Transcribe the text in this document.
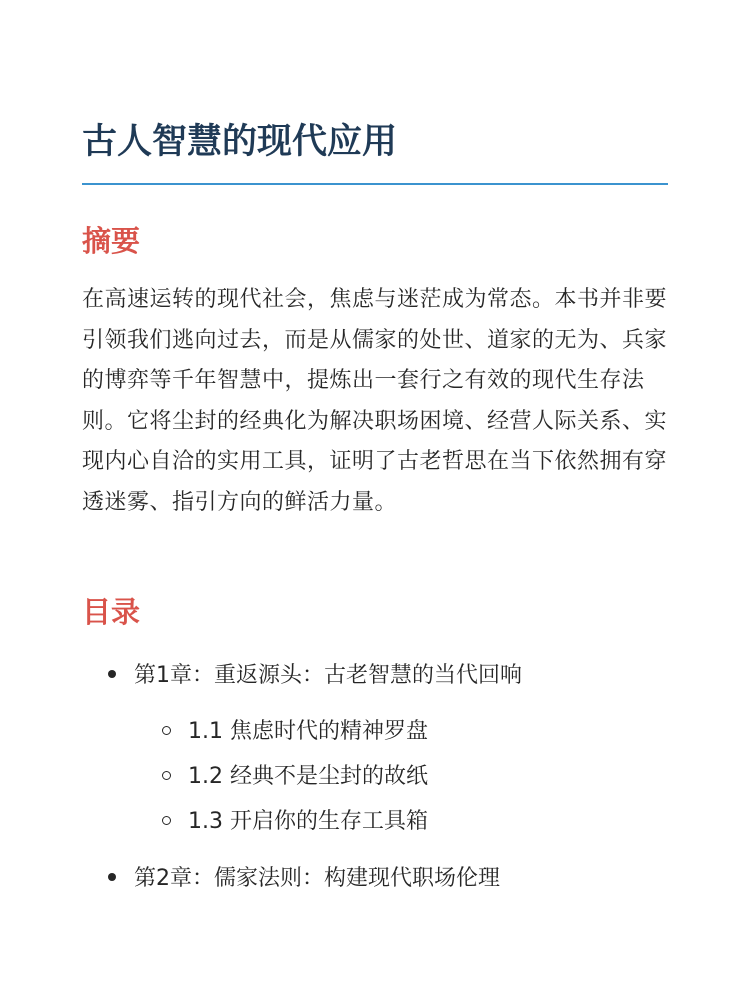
古人智慧的现代应用
摘要

在高速运转的现代社会，焦虑与迷茫成为常态。本书并非要引领我们逃向过去，而是从儒家的处世、道家的无为、兵家的博弈等千年智慧中，提炼出一套行之有效的现代生存法则。它将尘封的经典化为解决职场困境、经营人际关系、实现内心自洽的实用工具，证明了古老哲思在当下依然拥有穿透迷雾、指引方向的鲜活力量。

目录
第1章：重返源头：古老智慧的当代回响
1.1 焦虑时代的精神罗盘
1.2 经典不是尘封的故纸
1.3 开启你的生存工具箱
第2章：儒家法则：构建现代职场伦理
